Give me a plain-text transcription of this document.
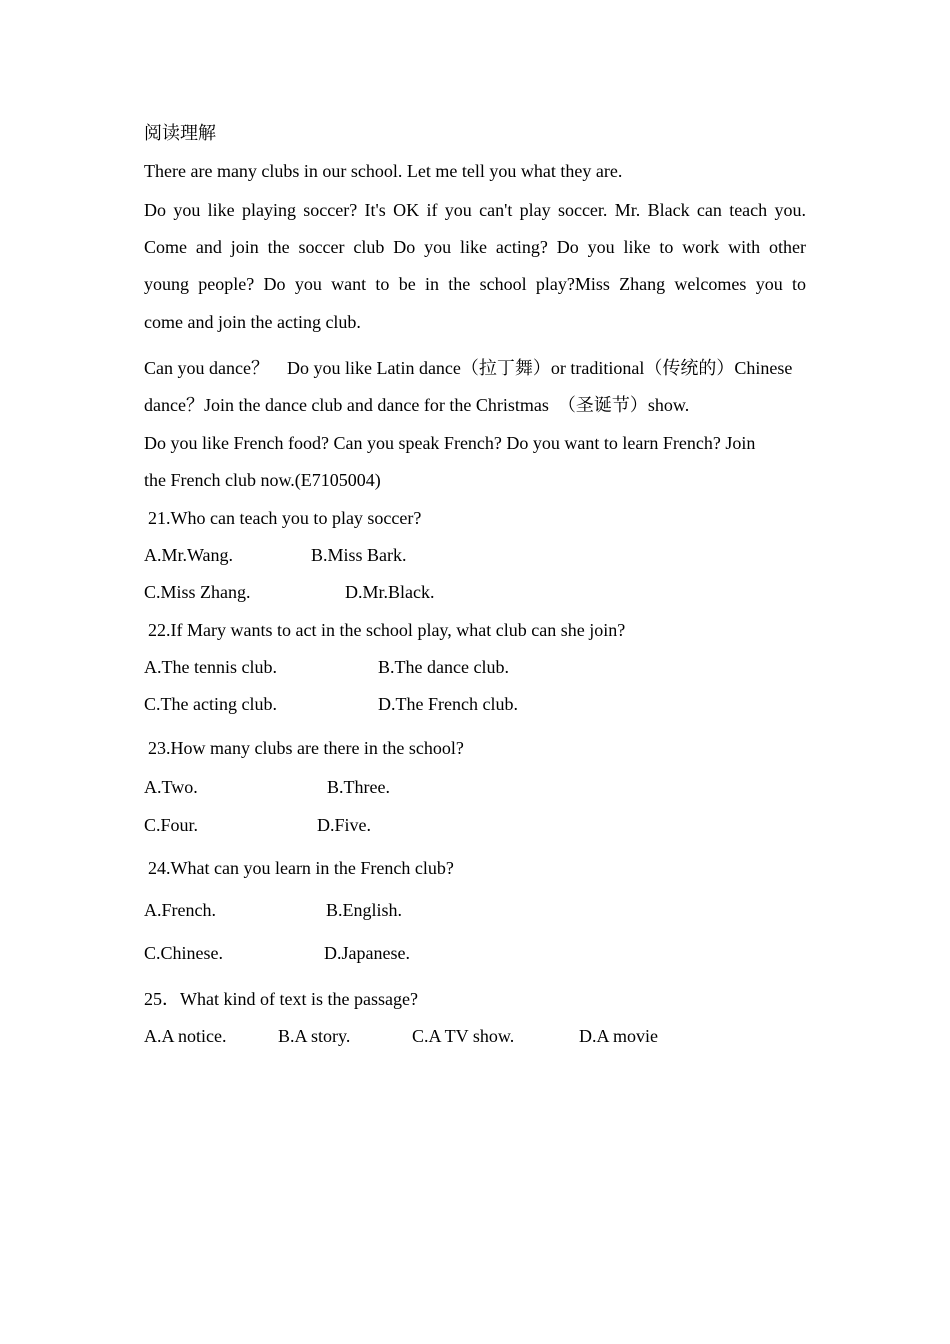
阅读理解
There are many clubs in our school. Let me tell you what they are.
Do you like playing soccer? It's OK if you can't play soccer. Mr. Black can teach you.
Come and join the soccer club Do you like acting? Do you like to work with other
young people? Do you want to be in the school play?Miss Zhang welcomes you to
come and join the acting club.
Can you dance？　Do you like Latin dance（拉丁舞）or traditional（传统的）Chinese
dance？Join the dance club and dance for the Christmas　（圣诞节）show.
Do you like French food? Can you speak French? Do you want to learn French? Join
the French club now.(E7105004)
21.Who can teach you to play soccer?
A.Mr.Wang.	B.Miss Bark.
C.Miss Zhang.	D.Mr.Black.
22.If Mary wants to act in the school play, what club can she join?
A.The tennis club.	B.The dance club.
C.The acting club.	D.The French club.
23.How many clubs are there in the school?
A.Two.	B.Three.
C.Four.	D.Five.
24.What can you learn in the French club?
A.French.	B.English.
C.Chinese.	D.Japanese.
25．What kind of text is the passage?
A.A notice.	B.A story.	C.A TV show.	D.A movie
